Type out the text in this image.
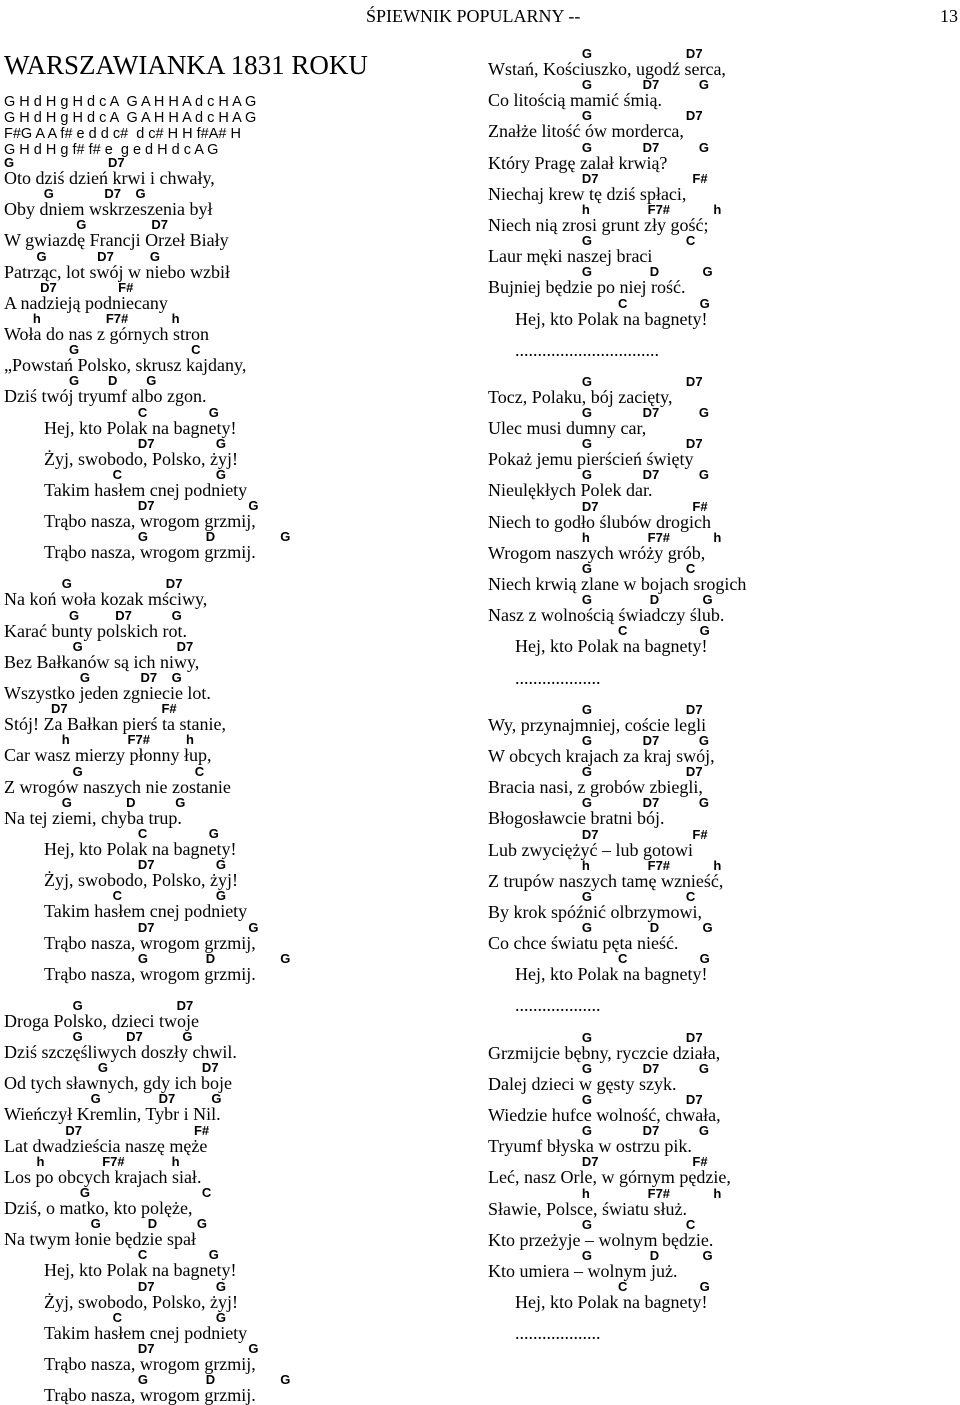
ŚPIEWNIK POPULARNY --	13
WARSZAWIANKA 1831 ROKU
G H d H g H d c A  G A H H A d c H A G
G H d H g H d c A  G A H H A d c H A G
F#G A A f# e d d c#  d c# H H f#A# H
G H d H g f# f# e  g e d H d c A G
G                          D7
Oto dziś dzień krwi i chwały,
G              D7    G
Oby dniem wskrzeszenia był
G                  D7
W gwiazdę Francji Orzeł Biały
G              D7          G
Patrząc, lot swój w niebo wzbił
D7                 F#
A nadzieją podniecany
h                  F7#            h
Woła do nas z górnych stron
G                               C
„Powstań Polsko, skrusz kajdany,
G        D        G
Dziś twój tryumf albo zgon.
C                 G
Hej, kto Polak na bagnety!
D7                 G
Żyj, swobodo, Polsko, żyj!
C                          G
Takim hasłem cnej podniety
D7                          G
Trąbo nasza, wrogom grzmij,
G                D                  G
Trąbo nasza, wrogom grzmij.
G                          D7
Na koń woła kozak mściwy,
G          D7           G
Karać bunty polskich rot.
G                          D7
Bez Bałkanów są ich niwy,
G              D7    G
Wszystko jeden zgniecie lot.
D7                          F#
Stój! Za Bałkan pierś ta stanie,
h                F7#          h
Car wasz mierzy płonny łup,
G                               C
Z wrogów naszych nie zostanie
G               D           G
Na tej ziemi, chyba trup.
C                 G
Hej, kto Polak na bagnety!
D7                 G
Żyj, swobodo, Polsko, żyj!
C                          G
Takim hasłem cnej podniety
D7                          G
Trąbo nasza, wrogom grzmij,
G                D                  G
Trąbo nasza, wrogom grzmij.
G                          D7
Droga Polsko, dzieci twoje
G            D7           G
Dziś szczęśliwych doszły chwil.
G                          D7
Od tych sławnych, gdy ich boje
G                D7          G
Wieńczył Kremlin, Tybr i Nil.
D7                               F#
Lat dwadzieścia naszę męże
h                F7#             h
Los po obcych krajach siał.
G                               C
Dziś, o matko, kto polęże,
G             D           G
Na twym łonie będzie spał
C                 G
Hej, kto Polak na bagnety!
D7                 G
Żyj, swobodo, Polsko, żyj!
C                          G
Takim hasłem cnej podniety
D7                          G
Trąbo nasza, wrogom grzmij,
G                D                  G
Trąbo nasza, wrogom grzmij.
G                          D7
Wstań, Kościuszko, ugodź serca,
G              D7           G
Co litością mamić śmią.
G                          D7
Znałże litość ów morderca,
G              D7           G
Który Pragę zalał krwią?
D7                          F#
Niechaj krew tę dziś spłaci,
h                F7#            h
Niech nią zrosi grunt zły gość;
G                          C
Laur męki naszej braci
G                D            G
Bujniej będzie po niej rość.
C                    G
Hej, kto Polak na bagnety!
................................
G                          D7
Tocz, Polaku, bój zacięty,
G              D7           G
Ulec musi dumny car,
G                          D7
Pokaż jemu pierścień święty
G              D7           G
Nieulękłych Polek dar.
D7                          F#
Niech to godło ślubów drogich
h                F7#            h
Wrogom naszych wróży grób,
G                          C
Niech krwią zlane w bojach srogich
G                D            G
Nasz z wolnością świadczy ślub.
C                    G
Hej, kto Polak na bagnety!
...................
G                          D7
Wy, przynajmniej, coście legli
G              D7           G
W obcych krajach za kraj swój,
G                          D7
Bracia nasi, z grobów zbiegli,
G              D7           G
Błogosławcie bratni bój.
D7                          F#
Lub zwyciężyć – lub gotowi
h                F7#            h
Z trupów naszych tamę wznieść,
G                          C
By krok spóźnić olbrzymowi,
G                D            G
Co chce światu pęta nieść.
C                    G
Hej, kto Polak na bagnety!
...................
G                          D7
Grzmijcie bębny, ryczcie działa,
G              D7           G
Dalej dzieci w gęsty szyk.
G                          D7
Wiedzie hufce wolność, chwała,
G              D7           G
Tryumf błyska w ostrzu pik.
D7                          F#
Leć, nasz Orle, w górnym pędzie,
h                F7#            h
Sławie, Polsce, światu służ.
G                          C
Kto przeżyje – wolnym będzie.
G                D            G
Kto umiera – wolnym już.
C                    G
Hej, kto Polak na bagnety!
...................
